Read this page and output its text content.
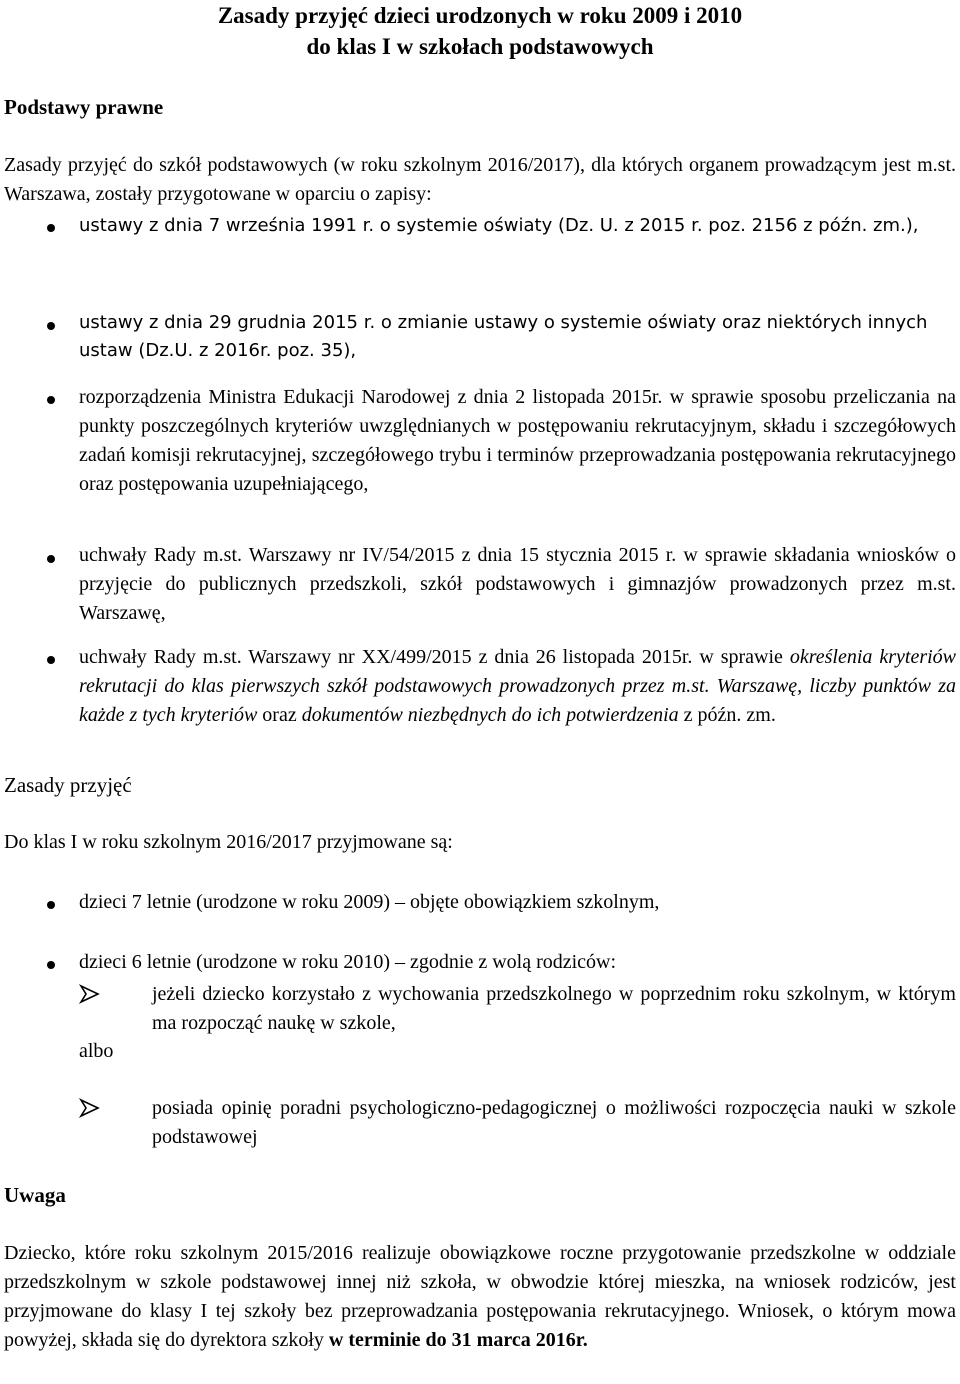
Zasady przyjęć dzieci urodzonych w roku 2009 i 2010
do klas I w szkołach podstawowych
Podstawy prawne

Zasady przyjęć do szkół podstawowych (w roku szkolnym 2016/2017), dla których organem prowadzącym jest m.st. Warszawa, zostały przygotowane w oparciu o zapisy:

ustawy z dnia 7 września 1991 r. o systemie oświaty (Dz. U. z 2015 r. poz. 2156 z późn. zm.),

ustawy z dnia 29 grudnia 2015 r. o zmianie ustawy o systemie oświaty oraz niektórych innych ustaw (Dz.U. z 2016r. poz. 35),

rozporządzenia Ministra Edukacji Narodowej z dnia 2 listopada 2015r. w sprawie sposobu przeliczania na punkty poszczególnych kryteriów uwzględnianych w postępowaniu rekrutacyjnym, składu i szczegółowych zadań komisji rekrutacyjnej, szczegółowego trybu i terminów przeprowadzania postępowania rekrutacyjnego oraz postępowania uzupełniającego,

uchwały Rady m.st. Warszawy nr IV/54/2015 z dnia 15 stycznia 2015 r. w sprawie składania wniosków o przyjęcie do publicznych przedszkoli, szkół podstawowych i gimnazjów prowadzonych przez m.st. Warszawę,

uchwały Rady m.st. Warszawy nr XX/499/2015 z dnia 26 listopada 2015r. w sprawie określenia kryteriów rekrutacji do klas pierwszych szkół podstawowych prowadzonych przez m.st. Warszawę, liczby punktów za każde z tych kryteriów oraz dokumentów niezbędnych do ich potwierdzenia z późn. zm.

Zasady przyjęć

Do klas I w roku szkolnym 2016/2017 przyjmowane są:

dzieci 7 letnie (urodzone w roku 2009) – objęte obowiązkiem szkolnym,

dzieci 6 letnie (urodzone w roku 2010) – zgodnie z wolą rodziców:

jeżeli dziecko korzystało z wychowania przedszkolnego w poprzednim roku szkolnym, w którym ma rozpocząć naukę w szkole,

albo

posiada opinię poradni psychologiczno-pedagogicznej o możliwości rozpoczęcia nauki w szkole podstawowej

Uwaga

Dziecko, które roku szkolnym 2015/2016 realizuje obowiązkowe roczne przygotowanie przedszkolne w oddziale przedszkolnym w szkole podstawowej innej niż szkoła, w obwodzie której mieszka, na wniosek rodziców, jest przyjmowane do klasy I tej szkoły bez przeprowadzania postępowania rekrutacyjnego. Wniosek, o którym mowa powyżej, składa się do dyrektora szkoły w terminie do 31 marca 2016r.
